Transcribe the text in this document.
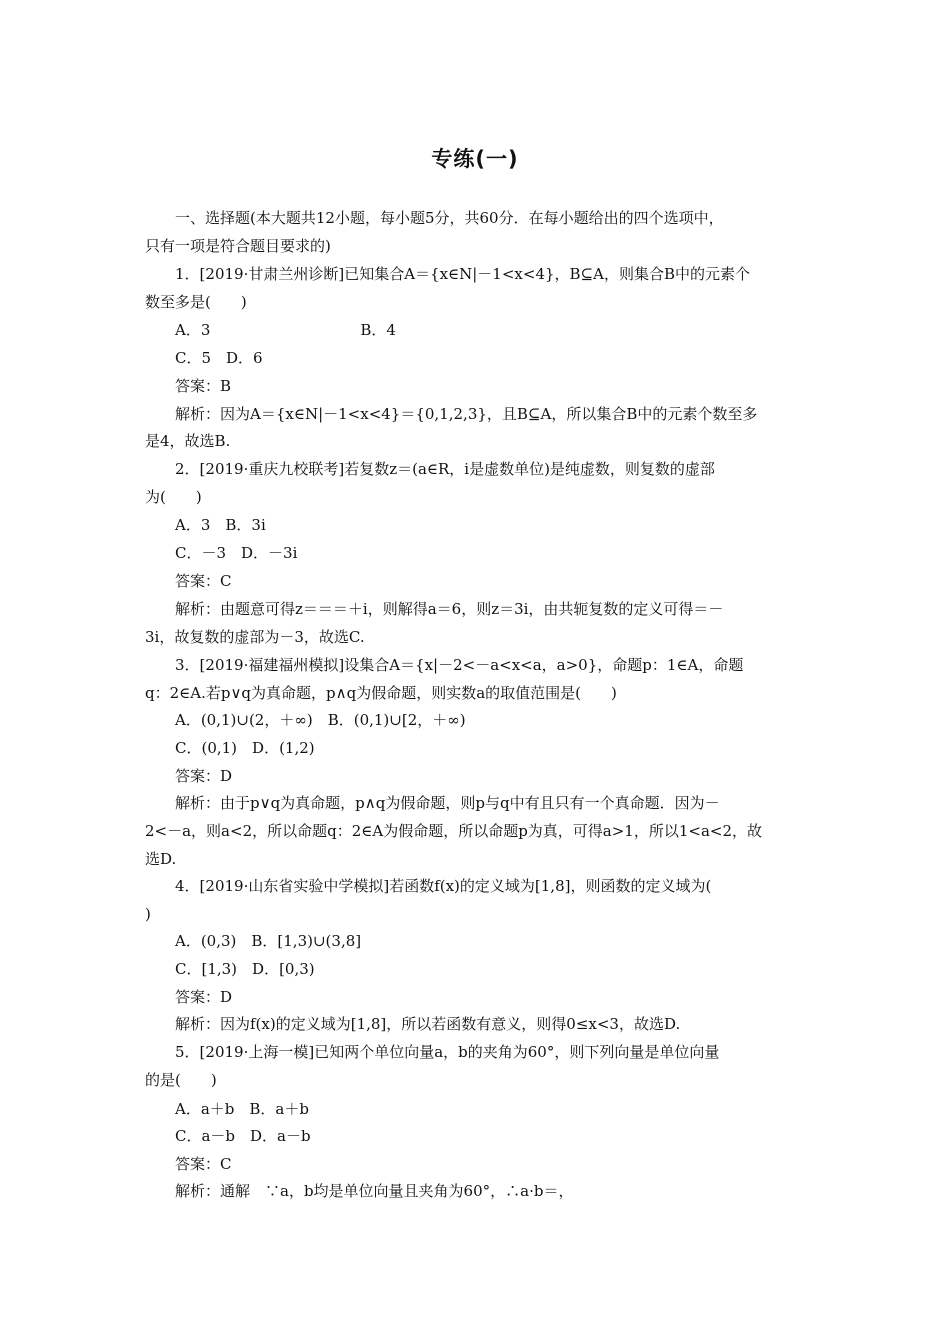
专练(一)
一、选择题(本大题共12小题，每小题5分，共60分．在每小题给出的四个选项中，
只有一项是符合题目要求的)
1．[2019·甘肃兰州诊断]已知集合A＝{x∈N|－1<x<4}，B⊆A，则集合B中的元素个
数至多是(　　)
A．3　　　　　　　　　　B．4
C．5　D．6
答案：B
解析：因为A＝{x∈N|－1<x<4}＝{0,1,2,3}，且B⊆A，所以集合B中的元素个数至多
是4，故选B.
2．[2019·重庆九校联考]若复数z＝(a∈R，i是虚数单位)是纯虚数，则复数的虚部
为(　　)
A．3　B．3i
C．－3　D．－3i
答案：C
解析：由题意可得z＝＝＝＋i，则解得a＝6，则z＝3i，由共轭复数的定义可得＝－
3i，故复数的虚部为－3，故选C.
3．[2019·福建福州模拟]设集合A＝{x|－2<－a<x<a，a>0}，命题p：1∈A，命题
q：2∈A.若p∨q为真命题，p∧q为假命题，则实数a的取值范围是(　　)
A．(0,1)∪(2，＋∞)　B．(0,1)∪[2，＋∞)
C．(0,1)　D．(1,2)
答案：D
解析：由于p∨q为真命题，p∧q为假命题，则p与q中有且只有一个真命题．因为－
2<－a，则a<2，所以命题q：2∈A为假命题，所以命题p为真，可得a>1，所以1<a<2，故
选D.
4．[2019·山东省实验中学模拟]若函数f(x)的定义域为[1,8]，则函数的定义域为(
)
A．(0,3)　B．[1,3)∪(3,8]
C．[1,3)　D．[0,3)
答案：D
解析：因为f(x)的定义域为[1,8]，所以若函数有意义，则得0≤x<3，故选D.
5．[2019·上海一模]已知两个单位向量a，b的夹角为60°，则下列向量是单位向量
的是(　　)
A．a＋b　B．a＋b
C．a－b　D．a－b
答案：C
解析：通解　∵a，b均是单位向量且夹角为60°，∴a·b＝，
